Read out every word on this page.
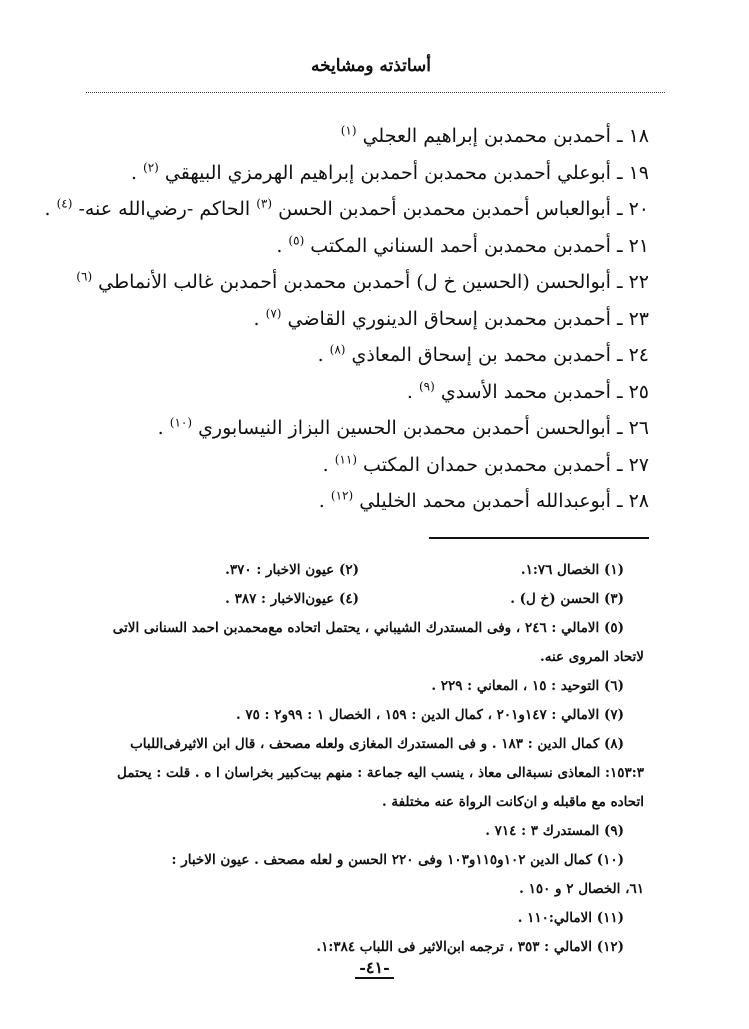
أساتذته ومشايخه
١٨ ـ أحمدبن محمدبن إبراهيم العجلي $^{(١)}$
١٩ ـ أبوعلي أحمدبن محمدبن أحمدبن إبراهيم الهرمزي البيهقي $^{(٢)}$ .
٢٠ ـ أبوالعباس أحمدبن محمدبن أحمدبن الحسن $^{(٣)}$ الحاكم -رضي‌الله عنه- $^{(٤)}$ .
٢١ ـ أحمدبن محمدبن أحمد السناني المكتب $^{(٥)}$ .
٢٢ ـ أبوالحسن (الحسين خ ل) أحمدبن محمدبن أحمدبن غالب الأنماطي $^{(٦)}$
٢٣ ـ أحمدبن محمدبن إسحاق الدينوري القاضي $^{(٧)}$ .
٢٤ ـ أحمدبن محمد بن إسحاق المعاذي $^{(٨)}$ .
٢٥ ـ أحمدبن محمد الأسدي $^{(٩)}$ .
٢٦ ـ أبوالحسن أحمدبن محمدبن الحسين البزاز النيسابوري $^{(١٠)}$ .
٢٧ ـ أحمدبن محمدبن حمدان المكتب $^{(١١)}$ .
٢٨ ـ أبوعبدالله أحمدبن محمد الخليلي $^{(١٢)}$ .
(١) الخصال ١:٧٦.
(٢) عيون الاخبار : ٣٧٠.
(٣) الحسن (خ ل) .
(٤) عيون‌الاخبار : ٣٨٧ .
(٥) الامالي : ٢٤٦ ، وفى المستدرك الشيباني ، يحتمل اتحاده مع‌محمدبن احمد السنانى الاتى
لاتحاد المروى عنه.
(٦) التوحيد : ١٥ ، المعاني : ٢٢٩ .
(٧) الامالي : ١٤٧و٢٠١ ، كمال الدين : ١٥٩ ، الخصال ١ : ٩٩و٢ : ٧٥ .
(٨) كمال الدين : ١٨٣ . و فى المستدرك المغازى ولعله مصحف ، قال ابن الاثيرفى‌اللباب
١٥٣:٣: المعاذى نسبةالى معاذ ، ينسب اليه جماعة : منهم بيت‌كبير بخراسان ا ه . قلت : يحتمل
اتحاده مع ماقبله و ان‌كانت الرواة عنه مختلفة .
(٩) المستدرك ٣ : ٧١٤ .
(١٠) كمال الدين ١٠٢و١١٥و١٠٣ وفى ٢٢٠ الحسن و لعله مصحف . عيون الاخبار :
٦١، الخصال ٢ و ١٥٠ .
(١١) الامالي:١١٠ .
(١٢) الامالي : ٣٥٣ ، ترجمه ابن‌الاثير فى اللباب ١:٣٨٤.
-٤١-
